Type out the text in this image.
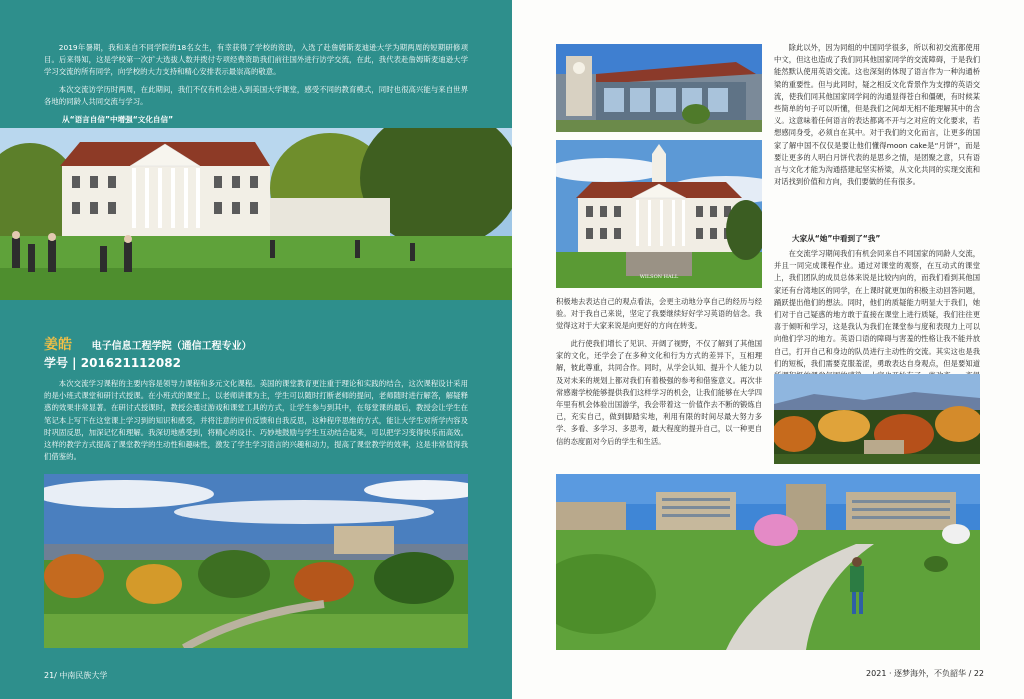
2019年暑期，我和来自不同学院的18名女生，有幸获得了学校的资助，入选了赴詹姆斯麦迪逊大学为期两周的短期研修项目。后来得知，这是学校第一次扩大选拔人数并拨付专项经费资助我们前往国外进行访学交流，在此，我代表赴詹姆斯麦迪逊大学学习交流的所有同学，向学校的大力支持和精心安排表示最崇高的敬意。

本次交流访学历时两周，在此期间，我们不仅有机会进入到美国大学课堂，感受不同的教育模式，同时也很高兴能与来自世界各地的同龄人共同交流与学习。

从“语言自信”中增强“文化自信”
姜皓 电子信息工程学院（通信工程专业）
学号 | 201621112082

本次交流学习课程的主要内容是领导力课程和多元文化课程。美国的课堂教育更注重于理论和实践的结合，这次课程设计采用的是小班式课堂和研讨式授课。在小班式的课堂上，以老师讲课为主，学生可以随时打断老师的提问，老师随时进行解答，解疑释惑的效果非常显著。在研讨式授课时，教授会通过游戏和课堂工具的方式，让学生参与到其中，在每堂课的最后，教授会让学生在笔记本上写下在这堂课上学习到的知识和感受，并将注意的评价反馈和自我反思，这种程序思维的方式，能让大学生对所学内容及时巩固反思，加深记忆和理解。我深切地感受到，将精心的设计、巧妙地鼓励与学生互动结合起来，可以把学习变得快乐而高效。这样的教学方式提高了课堂教学的生动性和趣味性，激发了学生学习语言的兴趣和动力，提高了课堂教学的效率，这是非常值得我们借鉴的。

21/ 中南民族大学
WILSON HALL

积极地去表达自己的观点看法，会更主动地分享自己的经历与经验。对于我自己来说，坚定了我要继续好好学习英语的信念。我觉得这对于大家来说是向更好的方向在转变。

此行使我们增长了见识、开阔了视野，不仅了解到了其他国家的文化，还学会了在多种文化和行为方式的差异下，互相理解，彼此尊重，共同合作。同时，从学会认知、提升个人能力以及对未来的规划上都对我们有着极强的参考和借鉴意义。再次非常感谢学校能够提供我们这样学习的机会，让我们能够在大学四年里有机会体验出国游学，我会带着这一价值作去不断的锻炼自己，充实自己，做到脚踏实地，利用有限的时间尽最大努力多学、多看、多学习、多思考，最大程度的提升自己，以一种更自信的态度面对今后的学生和生活。

除此以外，因为同组的中国同学很多，所以和初交流都使用中文，但这也造成了我们同其他国家同学的交流障碍，于是我们能然默认使用英语交流。这也深刻的体现了语言作为一种沟通桥梁的重要性。但与此同时，疑之相反文化背景作为支撑的英语交流，使我们同其他国家同学间的沟通显得苍白和僵硬，有时候某些简单的句子可以听懂，但是我们之间却无相不能理解其中的含义。这意味着任何语言的表达都离不开与之对应的文化要求，若想感同身受，必须自在其中。对于我们的文化而言，让更多的国家了解中国不仅仅是要让他们懂得moon cake是“月饼”，而是要让更多的人明白月饼代表的是思乡之情，是团聚之意，只有语言与文化才能为沟通搭建起坚实桥梁，从文化共同的实现交流和对话找到价值和方向，我们要做的任有很多。

大家从“她”中看到了“我”

在交流学习期间我们有机会同来自不同国家的同龄人交流，并且一同完成课程作业。通过对课堂的观察，在互动式的课堂上，我们团队的成员总体来说是比较内向的，而我们看到其他国家还有台湾地区的同学，在上课时就更加的积极主动回答问题，踊跃提出他们的想法。同时，他们的质疑能力明显大于我们，她们对于自己疑惑的地方敢于直接在课堂上进行质疑，我们往往更喜于倾听和学习，这是我认为我们在课堂参与度和表现力上可以向他们学习的地方。英语口语的障碍与害羞的性格让我不能并放自己，打开自己和身边的队员进行主动性的交流。其实这也是我们的短板，我们需要克服羞涩，勇敢表达自身观点，但是要知道

2021 · 逐梦海外，不负韶华 / 22
